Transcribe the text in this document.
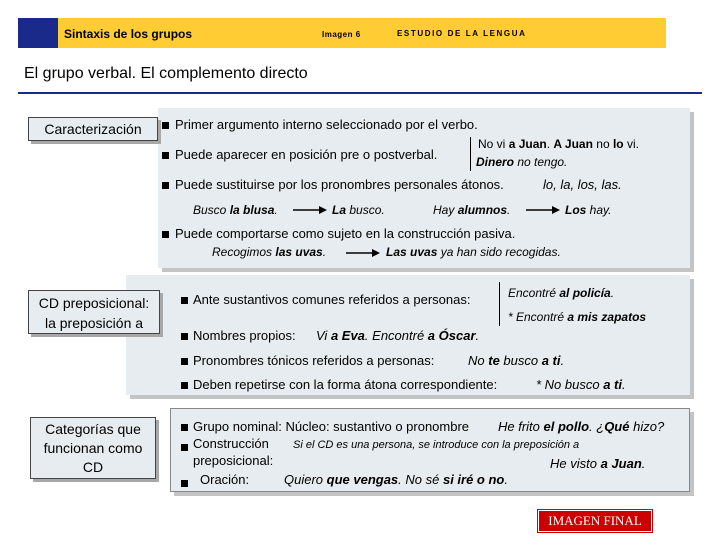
Sintaxis de los grupos	Imagen 6	ESTUDIO DE LA LENGUA
El grupo verbal. El complemento directo
Caracterización	Primer argumento interno seleccionado por el verbo.
No vi a Juan. A Juan no lo vi.
Puede aparecer en posición pre o postverbal.	Dinero no tengo.
Puede sustituirse por los pronombres personales átonos.	lo, la, los, las.
Busco la blusa.	La busco.	Hay alumnos.	Los hay.
Puede comportarse como sujeto en la construcción pasiva.
Recogimos las uvas.	Las uvas ya han sido recogidas.
CD preposicional:
la preposición a
Ante sustantivos comunes referidos a personas:	Encontré al policía.
* Encontré a mis zapatos
Nombres propios: Vi a Eva. Encontré a Óscar.
Pronombres tónicos referidos a personas:	No te busco a ti.
Deben repetirse con la forma átona correspondiente:	* No busco a ti.
Categorías que
funcionan como
CD
Grupo nominal: Núcleo: sustantivo o pronombre He frito el pollo. ¿Qué hizo?
Construcción Si el CD es una persona, se introduce con la preposición a
preposicional:	He visto a Juan.
Oración:	Quiero que vengas. No sé si iré o no.
IMAGEN FINAL
